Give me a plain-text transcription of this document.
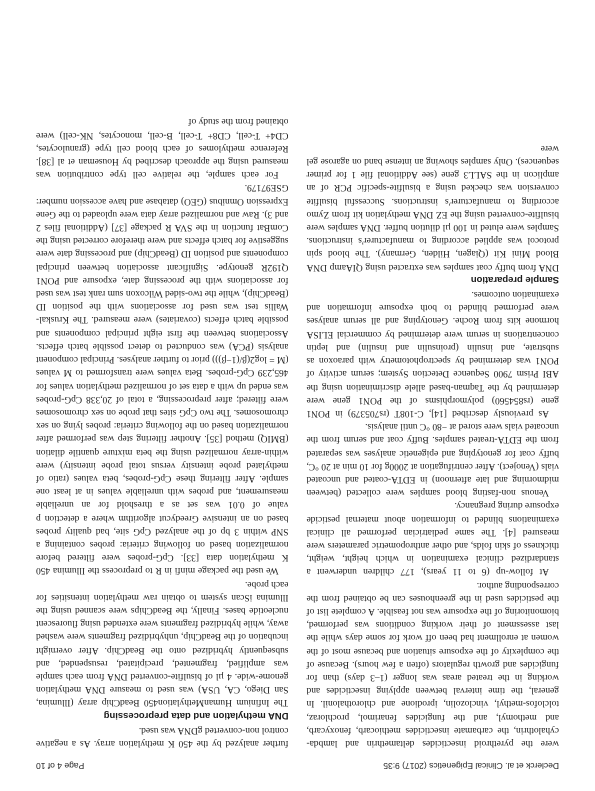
Declerck et al. Clinical Epigenetics (2017) 9:35
Page 4 of 10

were the pyrethroid insecticides deltamethrin and lambda-cyhalothrin, the carbamate insecticides methiocarb, fenoxycarb, and methomyl, and the fungicides fenarimol, prochloraz, tolclofos-methyl, vinclozolin, iprodione and chlorothalonil. In general, the time interval between applying insecticides and working in the treated areas was longer (1–3 days) than for fungicides and growth regulators (often a few hours). Because of the complexity of the exposure situation and because most of the women at enrollment had been off work for some days while the last assessment of their working conditions was performed, biomonitoring of the exposure was not feasible. A complete list of the pesticides used in the greenhouses can be obtained from the corresponding author.

At follow-up (6 to 11 years), 177 children underwent a standardized clinical examination in which height, weight, thickness of skin folds, and other anthropometric parameters were measured [4]. The same pediatrician performed all clinical examinations blinded to information about maternal pesticide exposure during pregnancy.

Venous non-fasting blood samples were collected (between midmorning and late afternoon) in EDTA-coated and uncoated vials (Venoject). After centrifugation at 2000g for 10 min at 20 °C, buffy coat for genotyping and epigenetic analyses was separated from the EDTA-treated samples. Buffy coat and serum from the uncoated vials were stored at −80 °C until analysis.

As previously described [14], C-108T (rs705379) in PON1 gene (rs854560) polymorphisms of the PON1 gene were determined by the Taqman-based allele discrimination using the ABI Prism 7900 Sequence Detection System; serum activity of PON1 was determined by spectrophotometry with paraoxon as substrate, and insulin (proinsulin and insulin) and leptin concentrations in serum were determined by commercial ELISA hormone kits from Roche. Genotyping and all serum analyses were performed blinded to both exposure information and examination outcomes.

Sample preparation

DNA from buffy coat samples was extracted using QIAamp DNA Blood Mini Kit (Qiagen, Hilden, Germany). The blood spin protocol was applied according to manufacturer's instructions. Samples were eluted in 100 µl dilution buffer. DNA samples were bisulfite-converted using the EZ DNA methylation kit from Zymo according to manufacturer's instructions. Successful bisulfite conversion was checked using a bisulfite-specific PCR of an amplicon in the SALL3 gene (see Additional file 1 for primer sequences). Only samples showing an intense band on agarose gel were

further analyzed by the 450 K methylation array. As a negative control non-converted gDNA was used.

DNA methylation and data preprocessing

The Infinium HumanMethylation450 BeadChip array (Illumina, San Diego, CA, USA) was used to measure DNA methylation genome-wide. 4 µl of bisulfite-converted DNA from each sample was amplified, fragmented, precipitated, resuspended, and subsequently hybridized onto the BeadChip. After overnight incubation of the BeadChip, unhybridized fragments were washed away, while hybridized fragments were extended using fluorescent nucleotide bases. Finally, the BeadChips were scanned using the Illumina iScan system to obtain raw methylation intensities for each probe.

We used the package minfi in R to preprocess the Illumina 450 K methylation data [33]. CpG-probes were filtered before normalization based on following criteria: probes containing a SNP within 3 bp of the analyzed CpG site, bad quality probes based on an intensive Greedycut algorithm where a detection p value of 0.01 was set as a threshold for an unreliable measurement, and probes with unreliable values in at least one sample. After filtering these CpG-probes, beta values (ratio of methylated probe intensity versus total probe intensity) were within-array normalized using the beta mixture quantile dilation (BMIQ) method [35]. Another filtering step was performed after normalization based on the following criteria: probes lying on sex chromosomes. The two CpG sites that probe on sex chromosomes were filtered; after preprocessing, a total of 20,338 CpG-probes was ended up with a data set of normalized methylation values for 465,239 CpG-probes. Beta values were transformed to M values (M = log2(β/(1−β))) prior to further analyses. Principal component analysis (PCA) was conducted to detect possible batch effects. Associations between the first eight principal components and possible batch effects (covariates) were measured. The Kruskal-Wallis test was used for associations with the position ID (BeadChip), while the two-sided Wilcoxon sum rank test was used for associations with the processing date, exposure and PON1 Q192R genotype. Significant association between principal components and position ID (BeadChip) and processing date were suggestive for batch effects and were therefore corrected using the ComBat function in the SVA R package [37] (Additional files 2 and 3). Raw and normalized array data were uploaded to the Gene Expression Omnibus (GEO) database and have accession number: GSE97179.

For each sample, the relative cell type contribution was measured using the approach described by Houseman et al [38]. Reference methylomes of each blood cell type (granulocytes, CD4+ T-cell, CD8+ T-cell, B-cell, monocytes, NK-cell) were obtained from the study of
